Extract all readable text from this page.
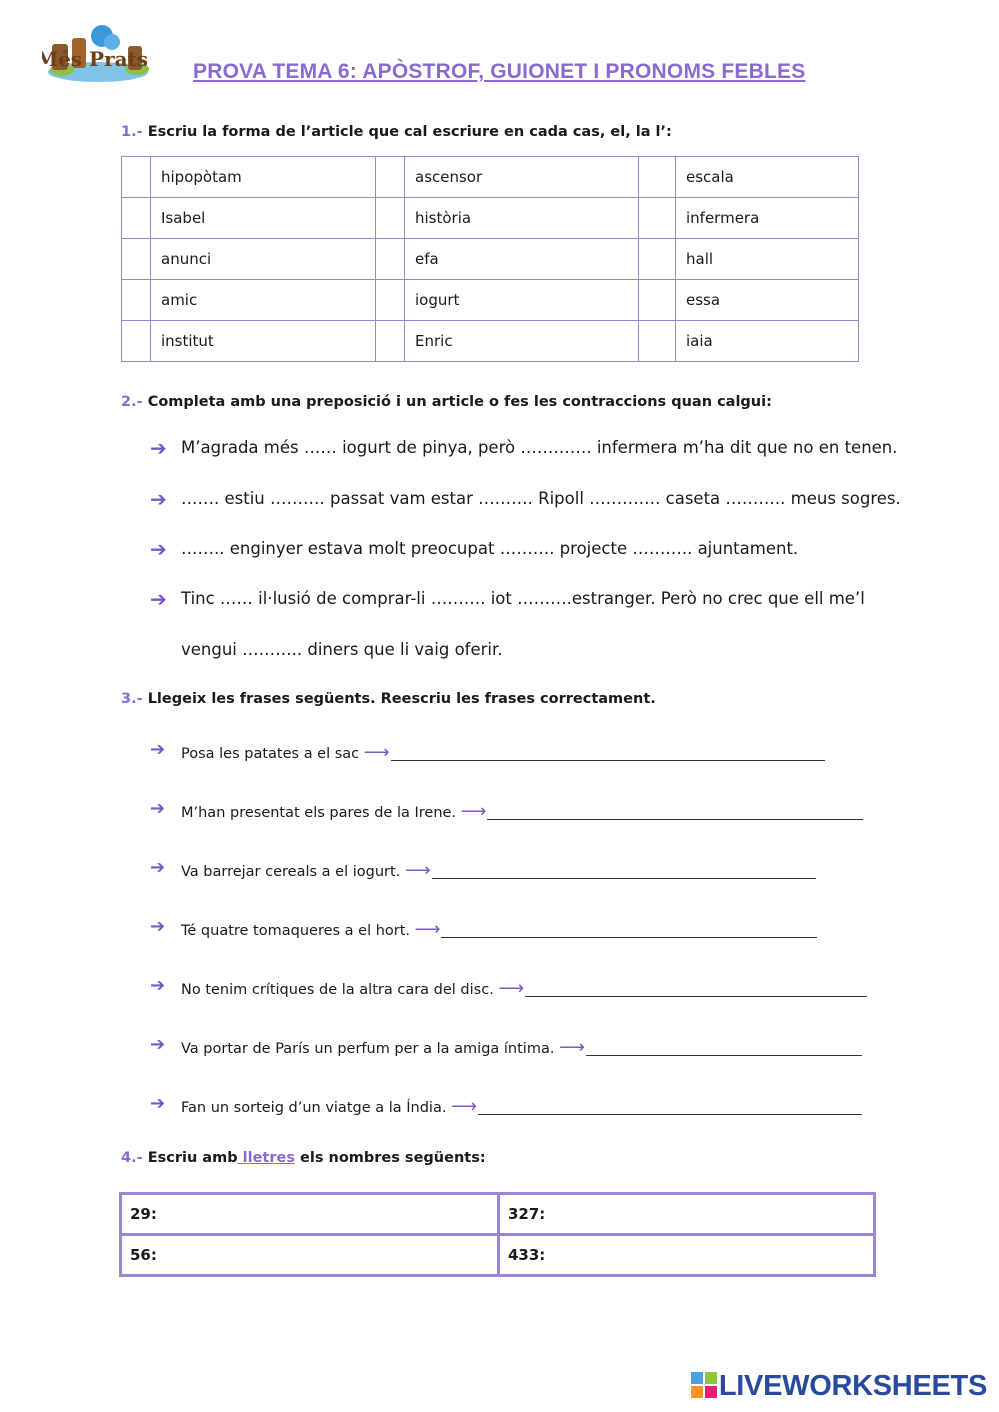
Més Prats
PROVA TEMA 6: APÒSTROF, GUIONET I PRONOMS FEBLES
1.- Escriu la forma de l’article que cal escriure en cada cas, el, la l’:
	hipopòtam		ascensor		escala
	Isabel		història		infermera
	anunci		efa		hall
	amic		iogurt		essa
	institut		Enric		iaia
2.- Completa amb una preposició i un article o fes les contraccions quan calgui:
➔ M’agrada més …… iogurt de pinya, però …………. infermera m’ha dit que no en tenen.
➔ ……. estiu ………. passat vam estar ………. Ripoll …………. caseta ……….. meus sogres.
➔ …….. enginyer estava molt preocupat ………. projecte ……….. ajuntament.
➔ Tinc …… il·lusió de comprar-li ………. iot ……….estranger. Però no crec que ell me’l
vengui ……….. diners que li vaig oferir.
3.- Llegeix les frases següents. Reescriu les frases correctament.
➔ Posa les patates a el sac ⟶
➔ M’han presentat els pares de la Irene. ⟶
➔ Va barrejar cereals a el iogurt. ⟶
➔ Té quatre tomaqueres a el hort. ⟶
➔ No tenim crítiques de la altra cara del disc. ⟶
➔ Va portar de París un perfum per a la amiga íntima. ⟶
➔ Fan un sorteig d’un viatge a la Índia. ⟶
4.- Escriu amb lletres els nombres següents:
29:	327:
56:	433:
LIVEWORKSHEETS
